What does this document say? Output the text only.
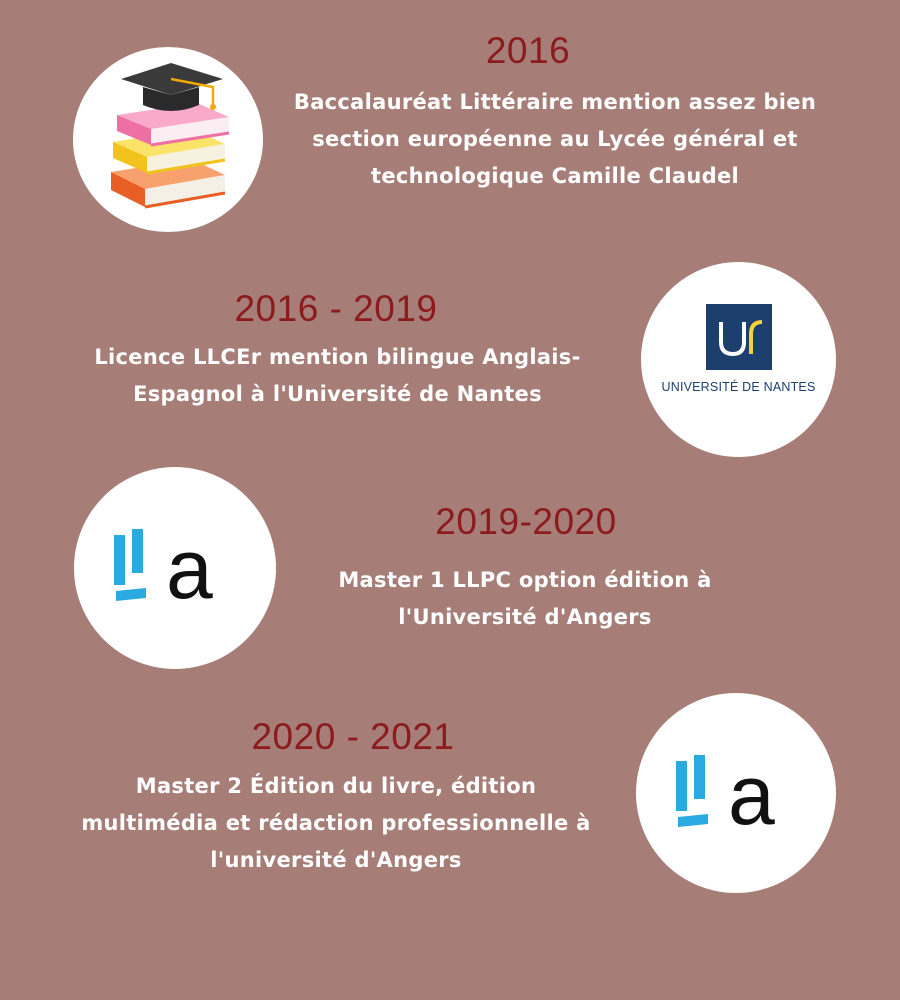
2016
Baccalauréat Littéraire mention assez bien
section européenne au Lycée général et
technologique Camille Claudel
2016 - 2019
Licence LLCEr mention bilingue Anglais-
Espagnol à l'Université de Nantes	UNIVERSITÉ DE NANTES
a
2019-2020
Master 1 LLPC option édition à
l'Université d'Angers
2020 - 2021
Master 2 Édition du livre, édition
multimédia et rédaction professionnelle à
l'université d'Angers
a
